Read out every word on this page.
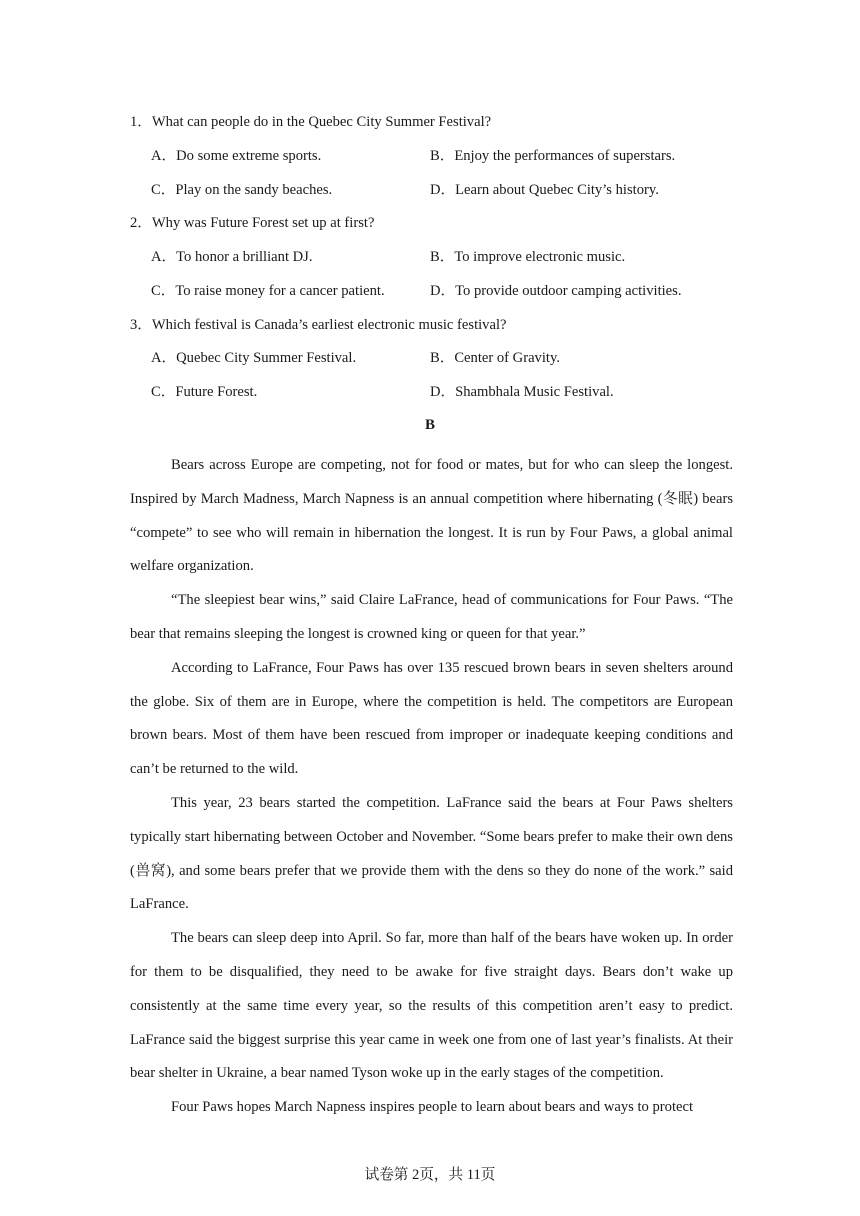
1．What can people do in the Quebec City Summer Festival?
A．Do some extreme sports.	B．Enjoy the performances of superstars.
C．Play on the sandy beaches.	D．Learn about Quebec City’s history.
2．Why was Future Forest set up at first?
A．To honor a brilliant DJ.	B．To improve electronic music.
C．To raise money for a cancer patient.	D．To provide outdoor camping activities.
3．Which festival is Canada’s earliest electronic music festival?
A．Quebec City Summer Festival.	B．Center of Gravity.
C．Future Forest.	D．Shambhala Music Festival.
B

Bears across Europe are competing, not for food or mates, but for who can sleep the longest. Inspired by March Madness, March Napness is an annual competition where hibernating (冬眠) bears “compete” to see who will remain in hibernation the longest. It is run by Four Paws, a global animal welfare organization.

“The sleepiest bear wins,” said Claire LaFrance, head of communications for Four Paws. “The bear that remains sleeping the longest is crowned king or queen for that year.”

According to LaFrance, Four Paws has over 135 rescued brown bears in seven shelters around the globe. Six of them are in Europe, where the competition is held. The competitors are European brown bears. Most of them have been rescued from improper or inadequate keeping conditions and can’t be returned to the wild.

This year, 23 bears started the competition. LaFrance said the bears at Four Paws shelters typically start hibernating between October and November. “Some bears prefer to make their own dens (兽窝), and some bears prefer that we provide them with the dens so they do none of the work.” said LaFrance.

The bears can sleep deep into April. So far, more than half of the bears have woken up. In order for them to be disqualified, they need to be awake for five straight days. Bears don’t wake up consistently at the same time every year, so the results of this competition aren’t easy to predict. LaFrance said the biggest surprise this year came in week one from one of last year’s finalists. At their bear shelter in Ukraine, a bear named Tyson woke up in the early stages of the competition.

Four Paws hopes March Napness inspires people to learn about bears and ways to protect

试卷第 2页，共 11页
